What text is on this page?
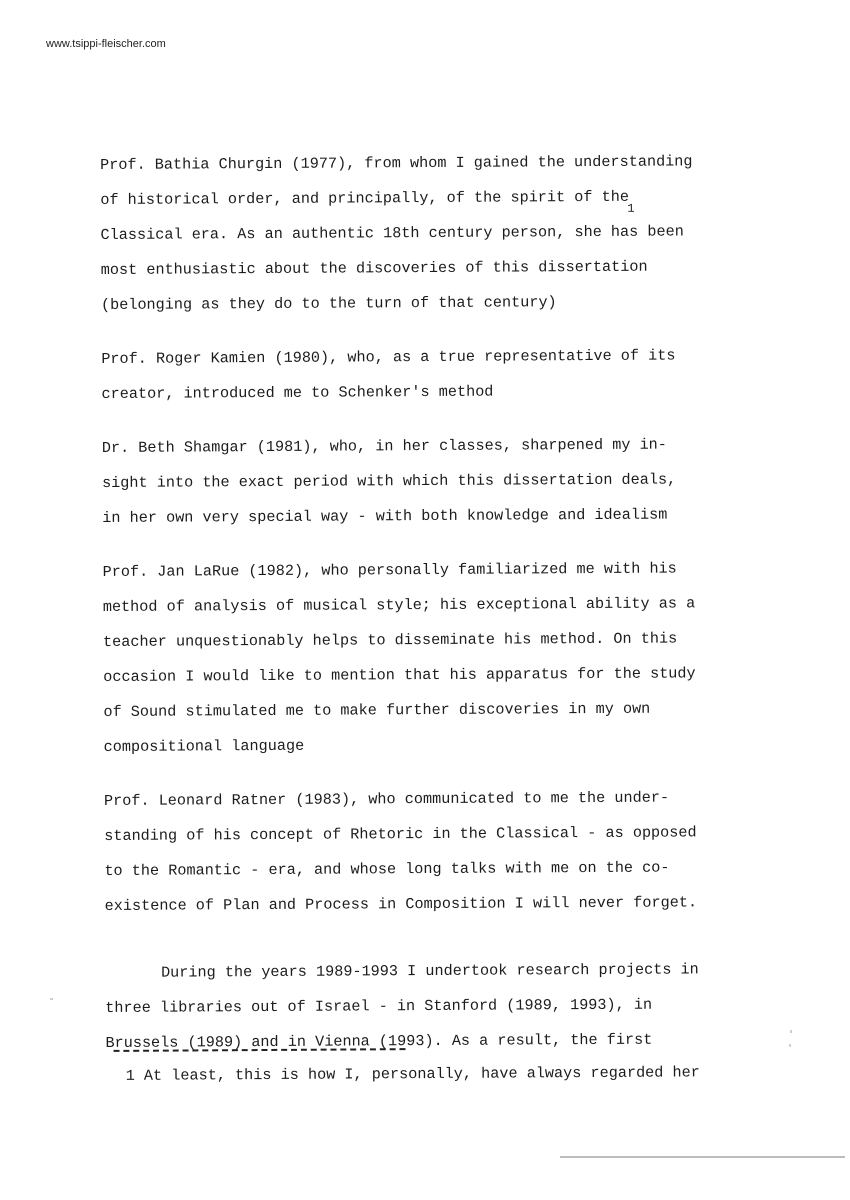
www.tsippi-fleischer.com
1
Prof. Bathia Churgin (1977), from whom I gained the understanding
of historical order, and principally, of the spirit of the
Classical era. As an authentic 18th century person, she has been
most enthusiastic about the discoveries of this dissertation
(belonging as they do to the turn of that century)
Prof. Roger Kamien (1980), who, as a true representative of its
creator, introduced me to Schenker's method
Dr. Beth Shamgar (1981), who, in her classes, sharpened my in-
sight into the exact period with which this dissertation deals,
in her own very special way - with both knowledge and idealism
Prof. Jan LaRue (1982), who personally familiarized me with his
method of analysis of musical style; his exceptional ability as a
teacher unquestionably helps to disseminate his method. On this
occasion I would like to mention that his apparatus for the study
of Sound stimulated me to make further discoveries in my own
compositional language
Prof. Leonard Ratner (1983), who communicated to me the under-
standing of his concept of Rhetoric in the Classical - as opposed
to the Romantic - era, and whose long talks with me on the co-
existence of Plan and Process in Composition I will never forget.
During the years 1989-1993 I undertook research projects in
three libraries out of Israel - in Stanford (1989, 1993), in
Brussels (1989) and in Vienna (1993). As a result, the first
1 At least, this is how I, personally, have always regarded her
